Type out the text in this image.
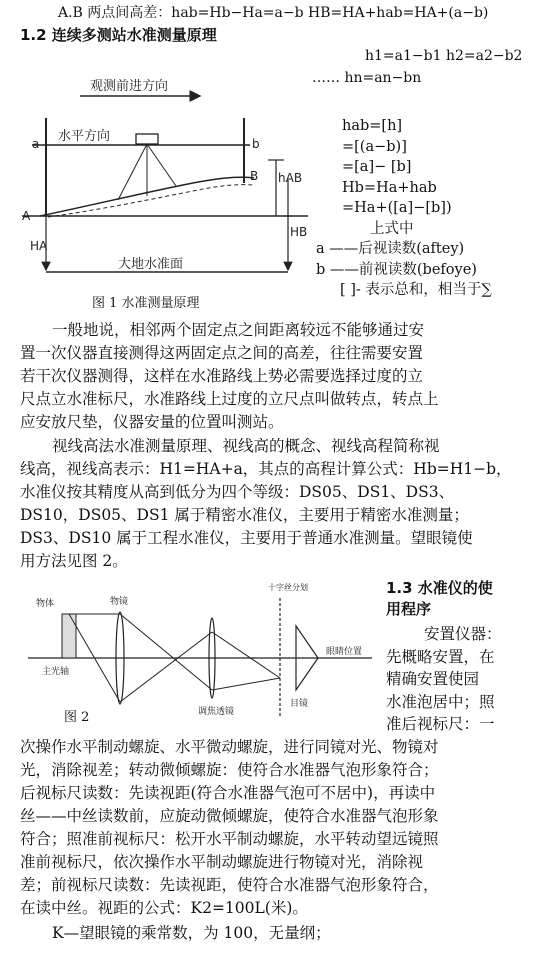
A.B 两点间高差：hab=Hb−Ha=a−b HB=HA+hab=HA+(a−b)
1.2 连续多测站水准测量原理
h1=a1−b1 h2=a2−b2
…… hn=an−bn
hab=[h]
=[(a−b)]
=[a]− [b]
Hb=Ha+hab
=Ha+([a]−[b])
上式中
a ——后视读数(aftey)
b ——前视读数(befoye)
[ ]- 表示总和，相当于∑
观测前进方向
水平方向
a	b
B
A
hAB
HA
HB
大地水准面
图 1 水准测量原理
一般地说，相邻两个固定点之间距离较远不能够通过安
置一次仪器直接测得这两固定点之间的高差，往往需要安置
若干次仪器测得，这样在水准路线上势必需要选择过度的立
尺点立水准标尺，水准路线上过度的立尺点叫做转点，转点上
应安放尺垫，仪器安量的位置叫测站。
视线高法水准测量原理、视线高的概念、视线高程简称视
线高，视线高表示：H1=HA+a，其点的高程计算公式：Hb=H1−b，
水准仪按其精度从高到低分为四个等级：DS05、DS1、DS3、
DS10，DS05、DS1 属于精密水准仪，主要用于精密水准测量；
DS3、DS10 属于工程水准仪，主要用于普通水准测量。望眼镜使
用方法见图 2。
主光轴
物体	物镜
调焦透镜
十字丝分划
目镜
眼睛位置
图 2
1.3 水准仪的使
用程序
安置仪器：
先概略安置，在
精确安置使园
水准泡居中；照
准后视标尺：一
次操作水平制动螺旋、水平微动螺旋，进行同镜对光、物镜对
光，消除视差；转动微倾螺旋：使符合水准器气泡形象符合；
后视标尺读数：先读视距(符合水准器气泡可不居中)，再读中
丝——中丝读数前，应旋动微倾螺旋，使符合水准器气泡形象
符合；照准前视标尺：松开水平制动螺旋，水平转动望远镜照
准前视标尺，依次操作水平制动螺旋进行物镜对光，消除视
差；前视标尺读数：先读视距，使符合水准器气泡形象符合，
在读中丝。视距的公式：K2=100L(米)。
K—望眼镜的乘常数，为 100，无量纲；
